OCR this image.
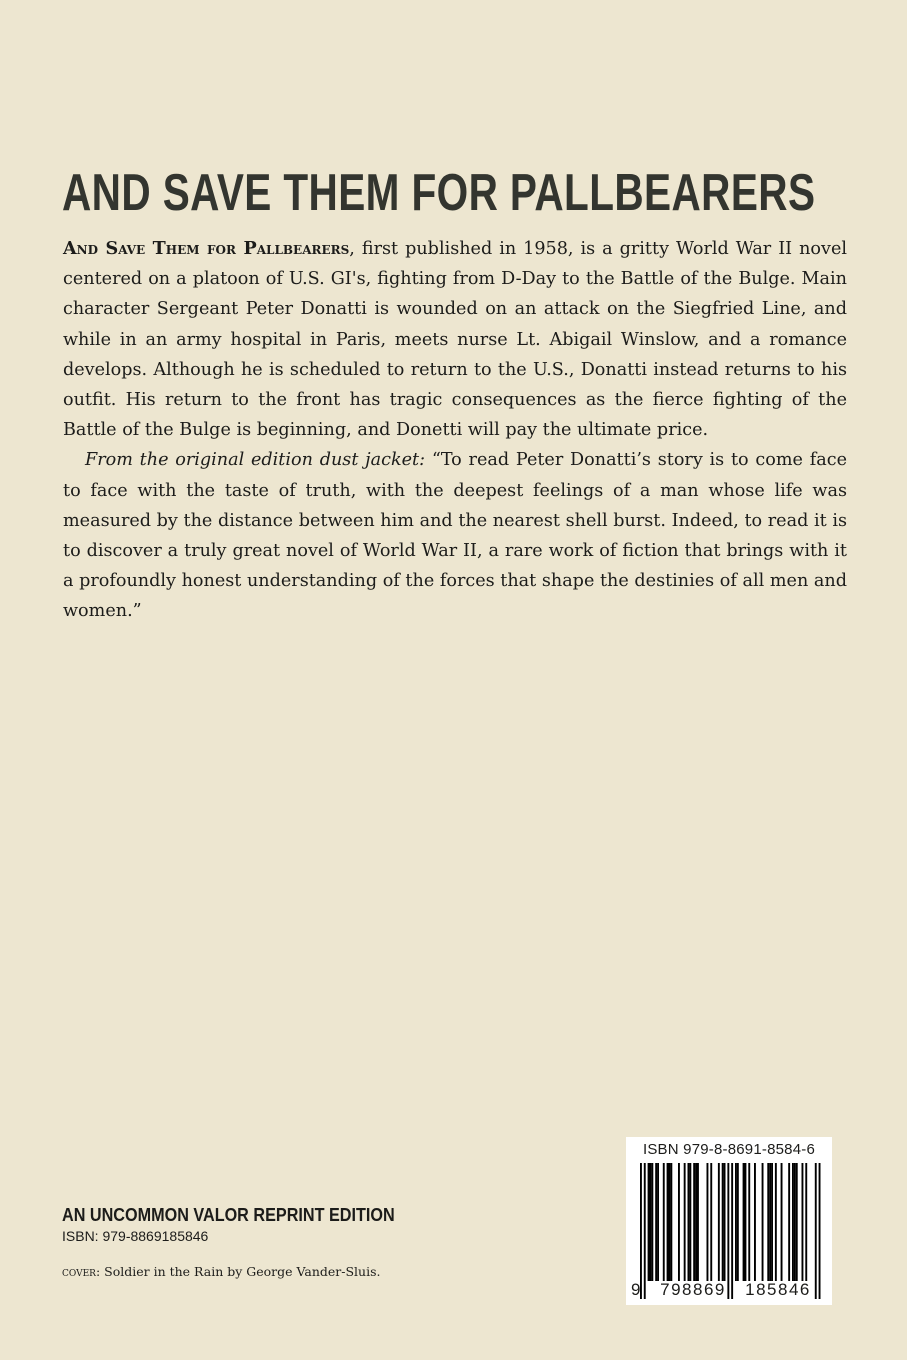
AND SAVE THEM FOR PALLBEARERS

And Save Them for Pallbearers, first published in 1958, is a gritty World War II novel centered on a platoon of U.S. GI's, fighting from D-Day to the Battle of the Bulge. Main character Sergeant Peter Donatti is wounded on an attack on the Siegfried Line, and while in an army hospital in Paris, meets nurse Lt. Abigail Winslow, and a romance develops. Although he is scheduled to return to the U.S., Donatti instead returns to his outfit. His return to the front has tragic consequences as the fierce fighting of the Battle of the Bulge is beginning, and Donetti will pay the ultimate price.

From the original edition dust jacket: “To read Peter Donatti’s story is to come face to face with the taste of truth, with the deepest feelings of a man whose life was measured by the distance between him and the nearest shell burst. Indeed, to read it is to discover a truly great novel of World War II, a rare work of fiction that brings with it a profoundly honest understanding of the forces that shape the destinies of all men and women.”

AN UNCOMMON VALOR REPRINT EDITION
ISBN: 979-8869185846
cover: Soldier in the Rain by George Vander-Sluis.
ISBN 979-8-8691-8584-6
9	798869	185846
